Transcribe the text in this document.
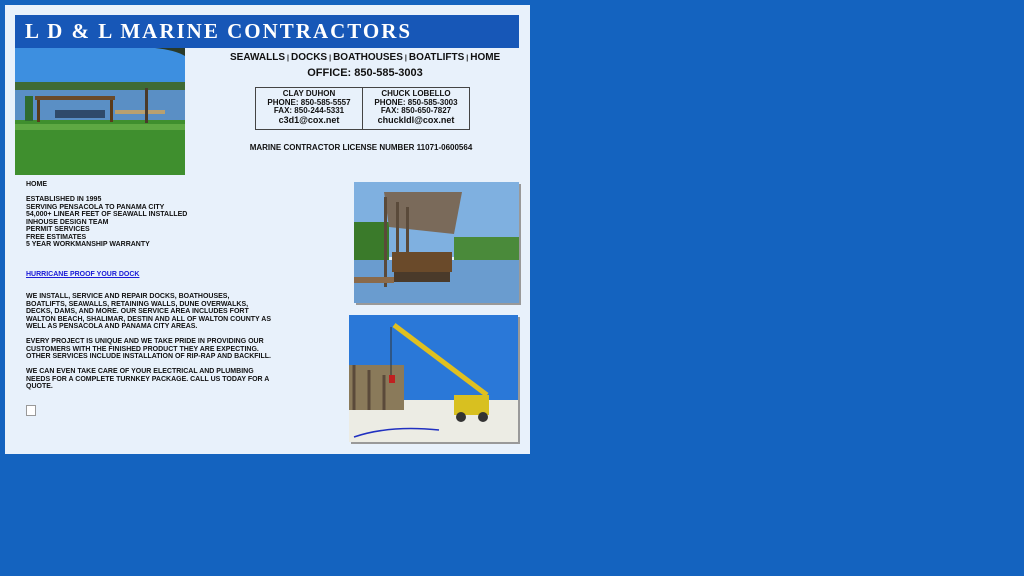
L D & L MARINE CONTRACTORS
SEAWALLS | DOCKS | BOATHOUSES | BOATLIFTS | HOME
OFFICE: 850-585-3003
CLAY DUHON
PHONE: 850-585-5557
FAX: 850-244-5331
c3d1@cox.net
CHUCK LOBELLO
PHONE: 850-585-3003
FAX: 850-650-7827
chuckldl@cox.net
MARINE CONTRACTOR LICENSE NUMBER 11071-0600564

HOME

ESTABLISHED IN 1995
SERVING PENSACOLA TO PANAMA CITY
54,000+ LINEAR FEET OF SEAWALL INSTALLED
INHOUSE DESIGN TEAM
PERMIT SERVICES
FREE ESTIMATES
5 YEAR WORKMANSHIP WARRANTY

HURRICANE PROOF YOUR DOCK

WE INSTALL, SERVICE AND REPAIR DOCKS, BOATHOUSES, BOATLIFTS, SEAWALLS, RETAINING WALLS, DUNE OVERWALKS, DECKS, DAMS, AND MORE. OUR SERVICE AREA INCLUDES FORT WALTON BEACH, SHALIMAR, DESTIN AND ALL OF WALTON COUNTY AS WELL AS PENSACOLA AND PANAMA CITY AREAS.

EVERY PROJECT IS UNIQUE AND WE TAKE PRIDE IN PROVIDING OUR CUSTOMERS WITH THE FINISHED PRODUCT THEY ARE EXPECTING. OTHER SERVICES INCLUDE INSTALLATION OF RIP-RAP AND BACKFILL.

WE CAN EVEN TAKE CARE OF YOUR ELECTRICAL AND PLUMBING NEEDS FOR A COMPLETE TURNKEY PACKAGE. CALL US TODAY FOR A QUOTE.
